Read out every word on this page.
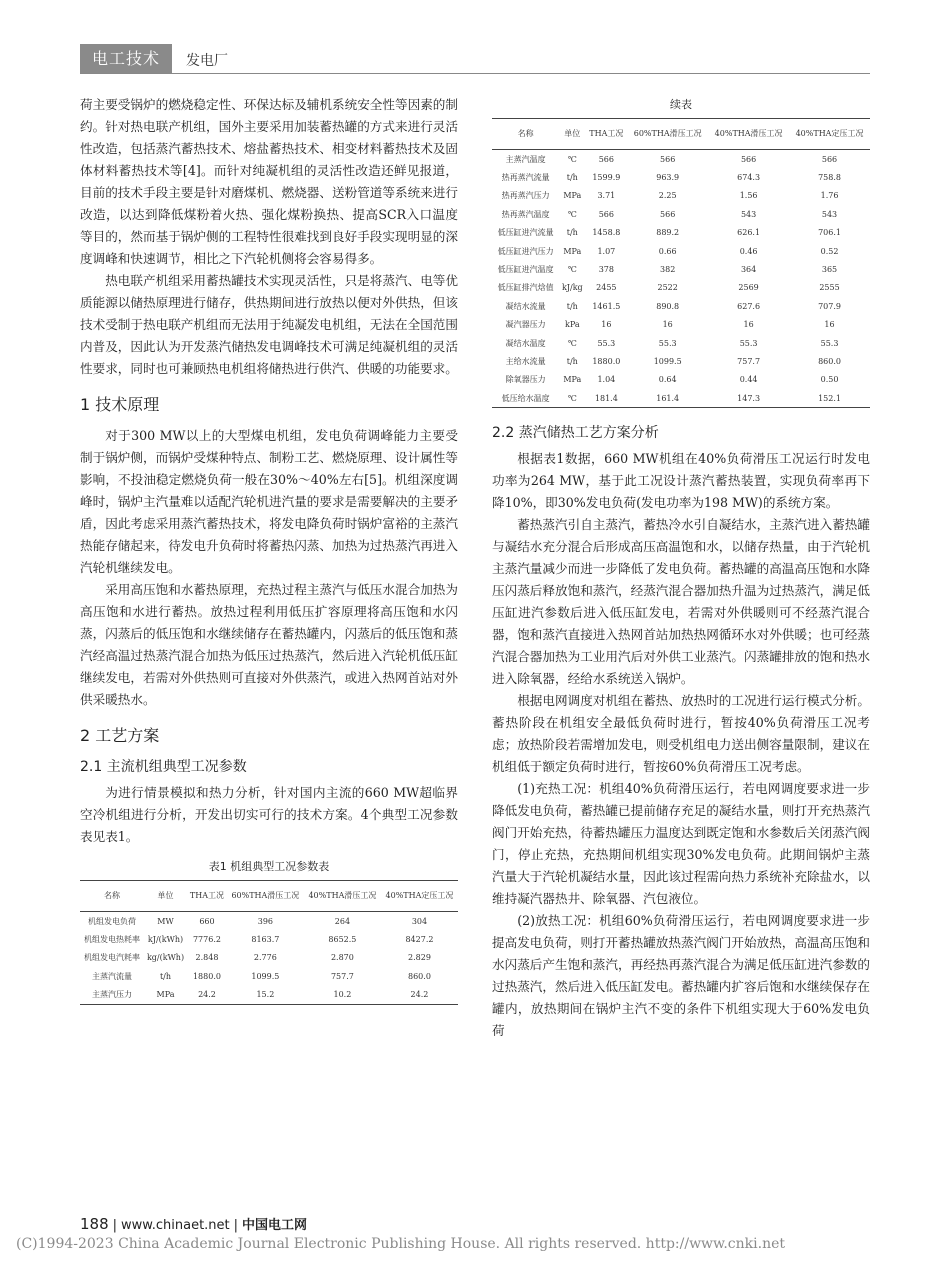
电工技术	发电厂

荷主要受锅炉的燃烧稳定性、环保达标及辅机系统安全性等因素的制约。针对热电联产机组，国外主要采用加装蓄热罐的方式来进行灵活性改造，包括蒸汽蓄热技术、熔盐蓄热技术、相变材料蓄热技术及固体材料蓄热技术等[4]。而针对纯凝机组的灵活性改造还鲜见报道，目前的技术手段主要是针对磨煤机、燃烧器、送粉管道等系统来进行改造，以达到降低煤粉着火热、强化煤粉换热、提高SCR入口温度等目的，然而基于锅炉侧的工程特性很难找到良好手段实现明显的深度调峰和快速调节，相比之下汽轮机侧将会容易得多。

热电联产机组采用蓄热罐技术实现灵活性，只是将蒸汽、电等优质能源以储热原理进行储存，供热期间进行放热以便对外供热，但该技术受制于热电联产机组而无法用于纯凝发电机组，无法在全国范围内普及，因此认为开发蒸汽储热发电调峰技术可满足纯凝机组的灵活性要求，同时也可兼顾热电机组将储热进行供汽、供暖的功能要求。

1 技术原理

对于300 MW以上的大型煤电机组，发电负荷调峰能力主要受制于锅炉侧，而锅炉受煤种特点、制粉工艺、燃烧原理、设计属性等影响，不投油稳定燃烧负荷一般在30%～40%左右[5]。机组深度调峰时，锅炉主汽量难以适配汽轮机进汽量的要求是需要解决的主要矛盾，因此考虑采用蒸汽蓄热技术，将发电降负荷时锅炉富裕的主蒸汽热能存储起来，待发电升负荷时将蓄热闪蒸、加热为过热蒸汽再进入汽轮机继续发电。

采用高压饱和水蓄热原理，充热过程主蒸汽与低压水混合加热为高压饱和水进行蓄热。放热过程利用低压扩容原理将高压饱和水闪蒸，闪蒸后的低压饱和水继续储存在蓄热罐内，闪蒸后的低压饱和蒸汽经高温过热蒸汽混合加热为低压过热蒸汽，然后进入汽轮机低压缸继续发电，若需对外供热则可直接对外供蒸汽，或进入热网首站对外供采暖热水。

2 工艺方案
2.1 主流机组典型工况参数

为进行情景模拟和热力分析，针对国内主流的660 MW超临界空冷机组进行分析，开发出切实可行的技术方案。4个典型工况参数表见表1。

表1 机组典型工况参数表
名称	单位	THA工况	60%THA滑压工况	40%THA滑压工况	40%THA定压工况
机组发电负荷	MW	660	396	264	304
机组发电热耗率	kJ/(kWh)	7776.2	8163.7	8652.5	8427.2
机组发电汽耗率	kg/(kWh)	2.848	2.776	2.870	2.829
主蒸汽流量	t/h	1880.0	1099.5	757.7	860.0
主蒸汽压力	MPa	24.2	15.2	10.2	24.2
续表
名称	单位	THA工况	60%THA滑压工况	40%THA滑压工况	40%THA定压工况
主蒸汽温度	℃	566	566	566	566
热再蒸汽流量	t/h	1599.9	963.9	674.3	758.8
热再蒸汽压力	MPa	3.71	2.25	1.56	1.76
热再蒸汽温度	℃	566	566	543	543
低压缸进汽流量	t/h	1458.8	889.2	626.1	706.1
低压缸进汽压力	MPa	1.07	0.66	0.46	0.52
低压缸进汽温度	℃	378	382	364	365
低压缸排汽焓值	kJ/kg	2455	2522	2569	2555
凝结水流量	t/h	1461.5	890.8	627.6	707.9
凝汽器压力	kPa	16	16	16	16
凝结水温度	℃	55.3	55.3	55.3	55.3
主给水流量	t/h	1880.0	1099.5	757.7	860.0
除氧器压力	MPa	1.04	0.64	0.44	0.50
低压给水温度	℃	181.4	161.4	147.3	152.1
2.2 蒸汽储热工艺方案分析

根据表1数据，660 MW机组在40%负荷滑压工况运行时发电功率为264 MW，基于此工况设计蒸汽蓄热装置，实现负荷率再下降10%，即30%发电负荷(发电功率为198 MW)的系统方案。

蓄热蒸汽引自主蒸汽，蓄热冷水引自凝结水，主蒸汽进入蓄热罐与凝结水充分混合后形成高压高温饱和水，以储存热量，由于汽轮机主蒸汽量减少而进一步降低了发电负荷。蓄热罐的高温高压饱和水降压闪蒸后释放饱和蒸汽，经蒸汽混合器加热升温为过热蒸汽，满足低压缸进汽参数后进入低压缸发电，若需对外供暖则可不经蒸汽混合器，饱和蒸汽直接进入热网首站加热热网循环水对外供暖；也可经蒸汽混合器加热为工业用汽后对外供工业蒸汽。闪蒸罐排放的饱和热水进入除氧器，经给水系统送入锅炉。

根据电网调度对机组在蓄热、放热时的工况进行运行模式分析。蓄热阶段在机组安全最低负荷时进行，暂按40%负荷滑压工况考虑；放热阶段若需增加发电，则受机组电力送出侧容量限制，建议在机组低于额定负荷时进行，暂按60%负荷滑压工况考虑。

(1)充热工况：机组40%负荷滑压运行，若电网调度要求进一步降低发电负荷，蓄热罐已提前储存充足的凝结水量，则打开充热蒸汽阀门开始充热，待蓄热罐压力温度达到既定饱和水参数后关闭蒸汽阀门，停止充热，充热期间机组实现30%发电负荷。此期间锅炉主蒸汽量大于汽轮机凝结水量，因此该过程需向热力系统补充除盐水，以维持凝汽器热井、除氧器、汽包液位。

(2)放热工况：机组60%负荷滑压运行，若电网调度要求进一步提高发电负荷，则打开蓄热罐放热蒸汽阀门开始放热，高温高压饱和水闪蒸后产生饱和蒸汽，再经热再蒸汽混合为满足低压缸进汽参数的过热蒸汽，然后进入低压缸发电。蓄热罐内扩容后饱和水继续保存在罐内，放热期间在锅炉主汽不变的条件下机组实现大于60%发电负荷

188 | www.chinaet.net | 中国电工网
(C)1994-2023 China Academic Journal Electronic Publishing House. All rights reserved. http://www.cnki.net
